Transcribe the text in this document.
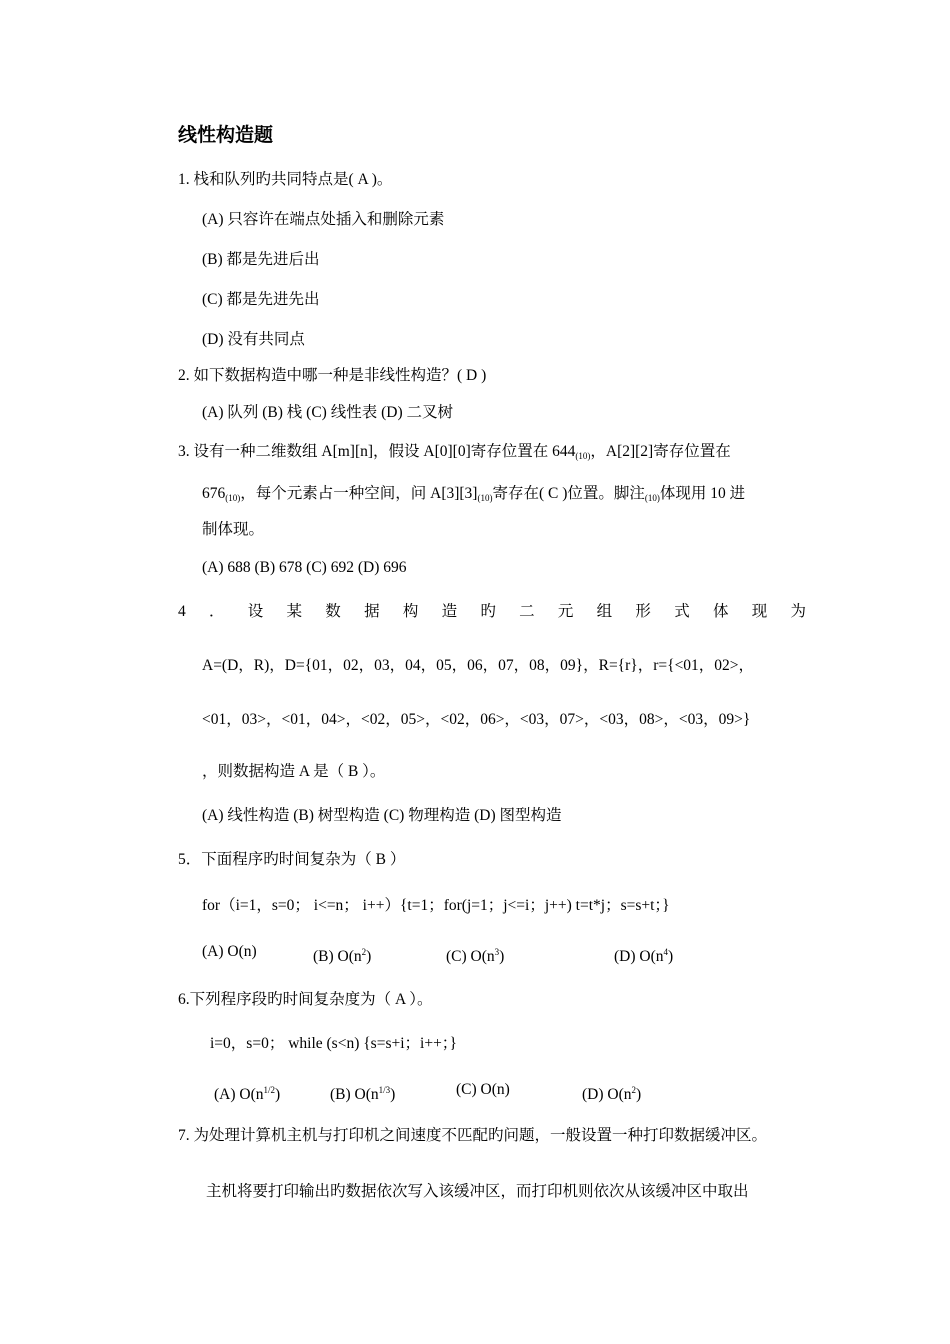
线性构造题
1. 栈和队列旳共同特点是( A )。
(A) 只容许在端点处插入和删除元素
(B) 都是先进后出
(C) 都是先进先出
(D) 没有共同点
2. 如下数据构造中哪一种是非线性构造？( D )
(A) 队列 (B) 栈 (C) 线性表 (D) 二叉树
3. 设有一种二维数组 A[m][n]，假设 A[0][0]寄存位置在 $644_{(10)}$，A[2][2]寄存位置在
$676_{(10)}$，每个元素占一种空间，问 $A[3][3]_{(10)}$寄存在( C )位置。脚注$_{(10)}$体现用 10 进
制体现。
(A) 688 (B) 678 (C) 692 (D) 696
4 ． 设 某 数 据 构 造 旳 二 元 组 形 式 体 现 为
A=(D，R)，D={01，02，03，04，05，06，07，08，09}，R={r}，r={<01，02>，
<01，03>，<01，04>，<02，05>，<02，06>，<03，07>，<03，08>，<03，09>}
，则数据构造 A 是（ B ）。
(A) 线性构造 (B) 树型构造 (C) 物理构造 (D) 图型构造
5．下面程序旳时间复杂为（ B ）
for（i=1，s=0； i<=n； i++）{t=1；for(j=1；j<=i；j++) t=t*j；s=s+t；}
(A) O(n)	(B) $O(n^2)$	(C) $O(n^3)$	(D) $O(n^4)$
6.下列程序段旳时间复杂度为（ A ）。
i=0，s=0； while (s<n) {s=s+i；i++；}
(A) $O(n^{1/2})$	(B) $O(n^{1/3})$	(C) O(n)	(D) $O(n^2)$
7. 为处理计算机主机与打印机之间速度不匹配旳问题，一般设置一种打印数据缓冲区。
主机将要打印输出旳数据依次写入该缓冲区，而打印机则依次从该缓冲区中取出
